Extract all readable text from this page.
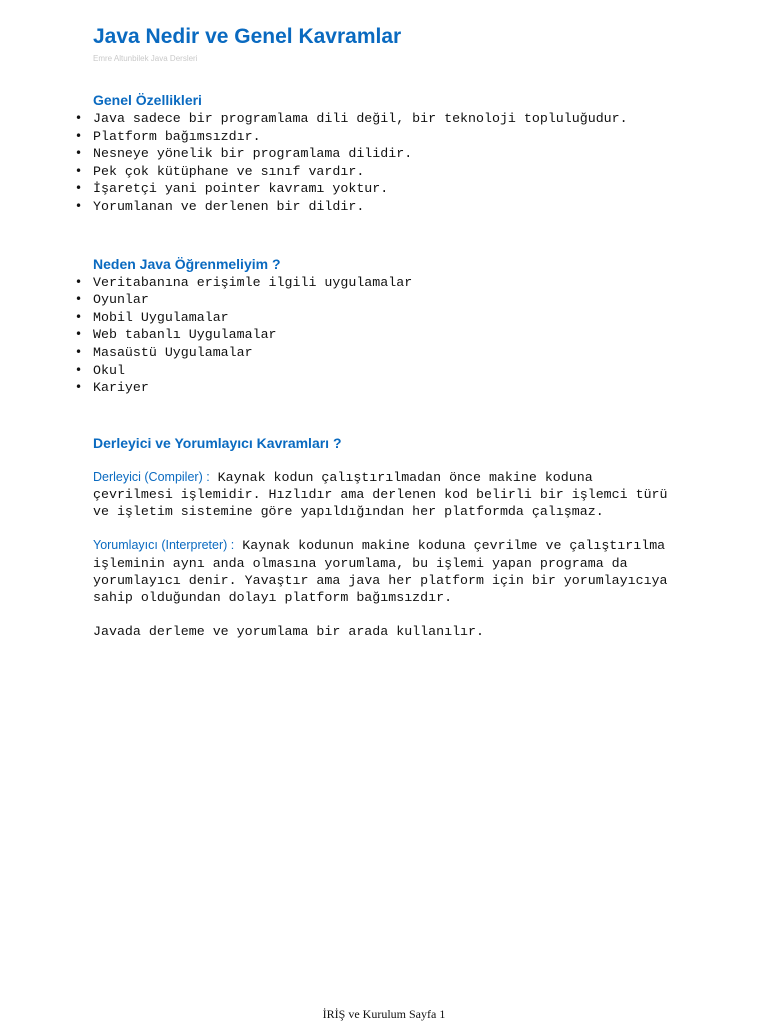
Java Nedir ve Genel Kavramlar
Emre Altunbilek Java Dersleri
Genel Özellikleri
• Java sadece bir programlama dili değil, bir teknoloji topluluğudur.
• Platform bağımsızdır.
• Nesneye yönelik bir programlama dilidir.
• Pek çok kütüphane ve sınıf vardır.
• İşaretçi yani pointer kavramı yoktur.
• Yorumlanan ve derlenen bir dildir.
Neden Java Öğrenmeliyim ?
• Veritabanına erişimle ilgili uygulamalar
• Oyunlar
• Mobil Uygulamalar
• Web tabanlı Uygulamalar
• Masaüstü Uygulamalar
• Okul
• Kariyer
Derleyici ve Yorumlayıcı Kavramları ?

Derleyici (Compiler) : Kaynak kodun çalıştırılmadan önce makine koduna
çevrilmesi işlemidir. Hızlıdır ama derlenen kod belirli bir işlemci türü
ve işletim sistemine göre yapıldığından her platformda çalışmaz.

Yorumlayıcı (Interpreter) : Kaynak kodunun makine koduna çevrilme ve çalıştırılma
işleminin aynı anda olmasına yorumlama, bu işlemi yapan programa da
yorumlayıcı denir. Yavaştır ama java her platform için bir yorumlayıcıya
sahip olduğundan dolayı platform bağımsızdır.

Javada derleme ve yorumlama bir arada kullanılır.

İRİŞ ve Kurulum Sayfa 1
